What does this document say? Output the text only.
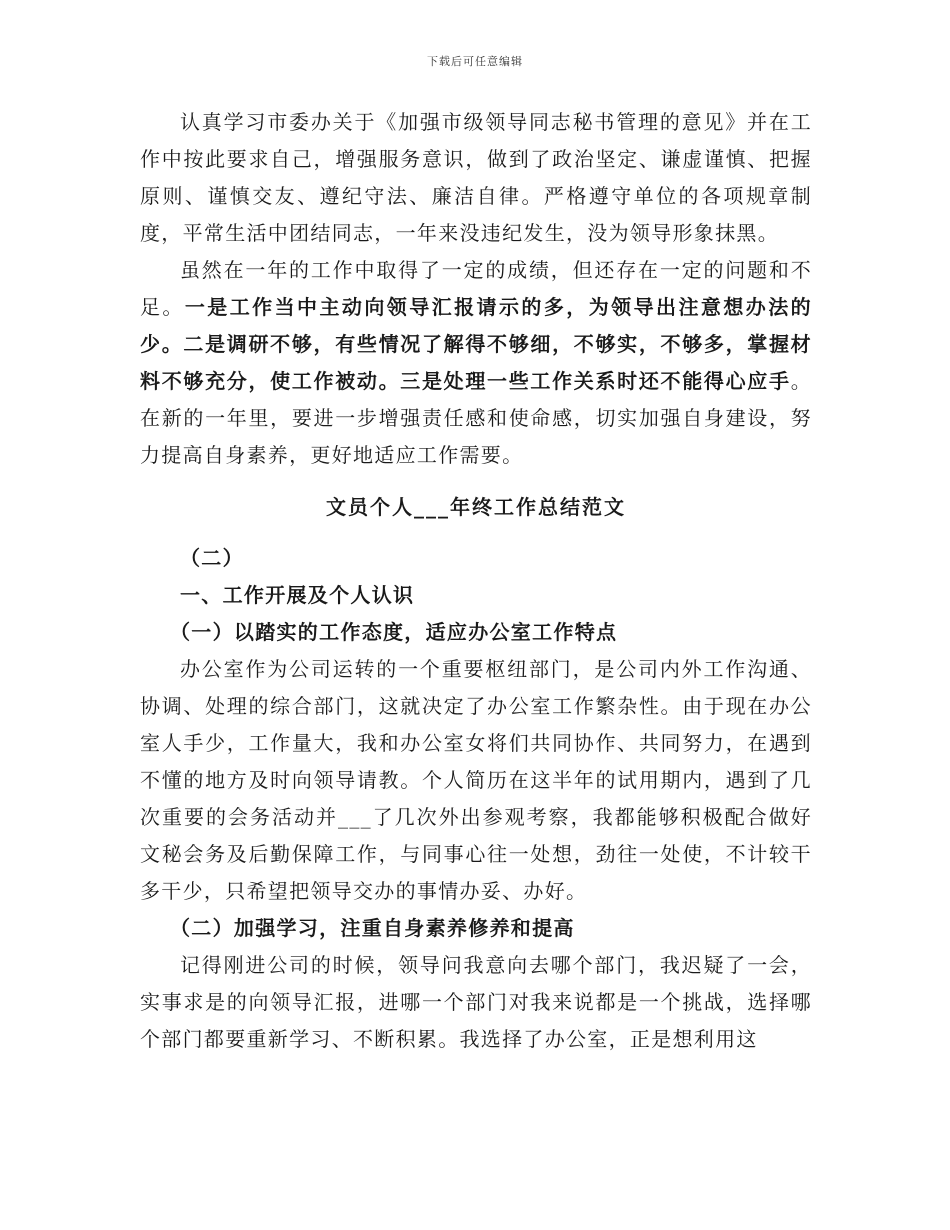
下载后可任意编辑

认真学习市委办关于《加强市级领导同志秘书管理的意见》并在工作中按此要求自己，增强服务意识，做到了政治坚定、谦虚谨慎、把握原则、谨慎交友、遵纪守法、廉洁自律。严格遵守单位的各项规章制度，平常生活中团结同志，一年来没违纪发生，没为领导形象抹黑。

虽然在一年的工作中取得了一定的成绩，但还存在一定的问题和不足。一是工作当中主动向领导汇报请示的多，为领导出注意想办法的少。二是调研不够，有些情况了解得不够细，不够实，不够多，掌握材料不够充分，使工作被动。三是处理一些工作关系时还不能得心应手。在新的一年里，要进一步增强责任感和使命感，切实加强自身建设，努力提高自身素养，更好地适应工作需要。

文员个人___年终工作总结范文

（二）

一、工作开展及个人认识

（一）以踏实的工作态度，适应办公室工作特点

办公室作为公司运转的一个重要枢纽部门，是公司内外工作沟通、协调、处理的综合部门，这就决定了办公室工作繁杂性。由于现在办公室人手少，工作量大，我和办公室女将们共同协作、共同努力，在遇到不懂的地方及时向领导请教。个人简历在这半年的试用期内，遇到了几次重要的会务活动并___了几次外出参观考察，我都能够积极配合做好文秘会务及后勤保障工作，与同事心往一处想，劲往一处使，不计较干多干少，只希望把领导交办的事情办妥、办好。

（二）加强学习，注重自身素养修养和提高

记得刚进公司的时候，领导问我意向去哪个部门，我迟疑了一会，实事求是的向领导汇报，进哪一个部门对我来说都是一个挑战，选择哪个部门都要重新学习、不断积累。我选择了办公室，正是想利用这
